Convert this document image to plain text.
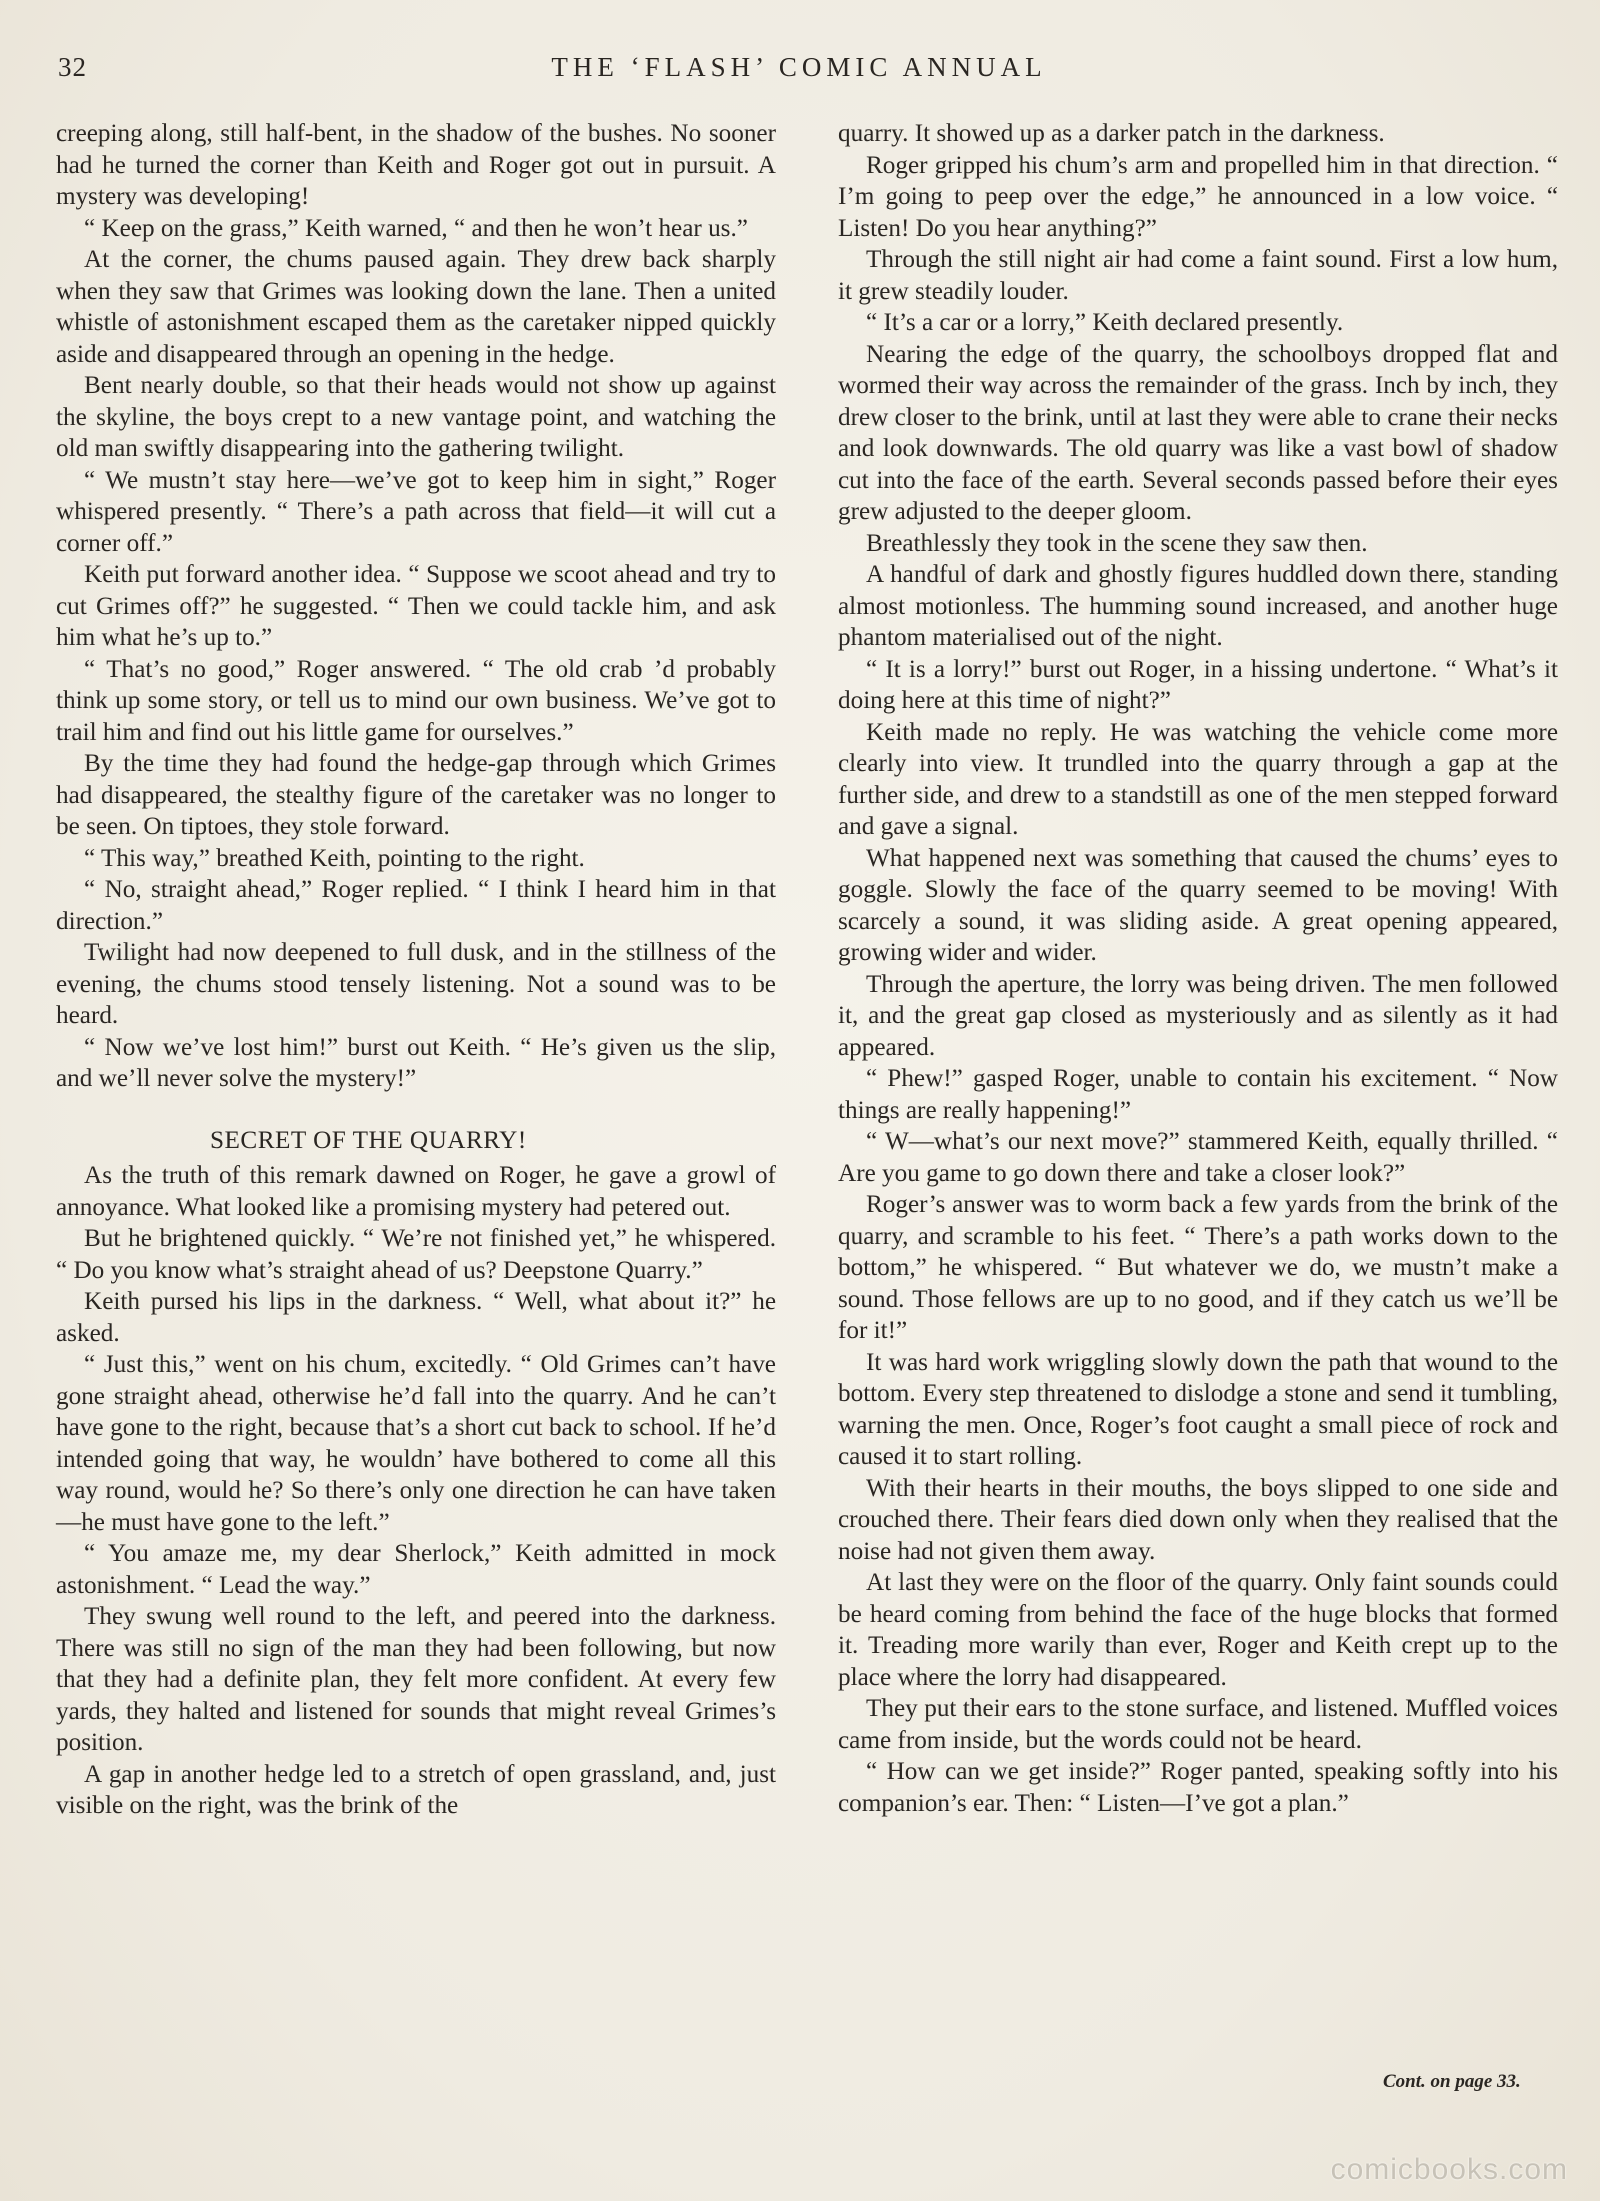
32	THE ‘FLASH’ COMIC ANNUAL

creeping along, still half-bent, in the shadow of the bushes. No sooner had he turned the corner than Keith and Roger got out in pursuit. A mystery was developing!

“ Keep on the grass,” Keith warned, “ and then he won’t hear us.”

At the corner, the chums paused again. They drew back sharply when they saw that Grimes was looking down the lane. Then a united whistle of astonishment escaped them as the caretaker nipped quickly aside and disappeared through an opening in the hedge.

Bent nearly double, so that their heads would not show up against the skyline, the boys crept to a new vantage point, and watching the old man swiftly disappearing into the gathering twilight.

“ We mustn’t stay here—we’ve got to keep him in sight,” Roger whispered presently. “ There’s a path across that field—it will cut a corner off.”

Keith put forward another idea. “ Suppose we scoot ahead and try to cut Grimes off?” he suggested. “ Then we could tackle him, and ask him what he’s up to.”

“ That’s no good,” Roger answered. “ The old crab ’d probably think up some story, or tell us to mind our own business. We’ve got to trail him and find out his little game for ourselves.”

By the time they had found the hedge-gap through which Grimes had disappeared, the stealthy figure of the caretaker was no longer to be seen. On tiptoes, they stole forward.

“ This way,” breathed Keith, pointing to the right.

“ No, straight ahead,” Roger replied. “ I think I heard him in that direction.”

Twilight had now deepened to full dusk, and in the stillness of the evening, the chums stood tensely listening. Not a sound was to be heard.

“ Now we’ve lost him!” burst out Keith. “ He’s given us the slip, and we’ll never solve the mystery!”

SECRET OF THE QUARRY!

As the truth of this remark dawned on Roger, he gave a growl of annoyance. What looked like a promising mystery had petered out.

But he brightened quickly. “ We’re not finished yet,” he whispered. “ Do you know what’s straight ahead of us? Deepstone Quarry.”

Keith pursed his lips in the darkness. “ Well, what about it?” he asked.

“ Just this,” went on his chum, excitedly. “ Old Grimes can’t have gone straight ahead, otherwise he’d fall into the quarry. And he can’t have gone to the right, because that’s a short cut back to school. If he’d intended going that way, he wouldn’ have bothered to come all this way round, would he? So there’s only one direction he can have taken—he must have gone to the left.”

“ You amaze me, my dear Sherlock,” Keith admitted in mock astonishment. “ Lead the way.”

They swung well round to the left, and peered into the darkness. There was still no sign of the man they had been following, but now that they had a definite plan, they felt more confident. At every few yards, they halted and listened for sounds that might reveal Grimes’s position.

A gap in another hedge led to a stretch of open grassland, and, just visible on the right, was the brink of the

quarry. It showed up as a darker patch in the darkness.

Roger gripped his chum’s arm and propelled him in that direction. “ I’m going to peep over the edge,” he announced in a low voice. “ Listen! Do you hear anything?”

Through the still night air had come a faint sound. First a low hum, it grew steadily louder.

“ It’s a car or a lorry,” Keith declared presently.

Nearing the edge of the quarry, the schoolboys dropped flat and wormed their way across the remainder of the grass. Inch by inch, they drew closer to the brink, until at last they were able to crane their necks and look downwards. The old quarry was like a vast bowl of shadow cut into the face of the earth. Several seconds passed before their eyes grew adjusted to the deeper gloom.

Breathlessly they took in the scene they saw then.

A handful of dark and ghostly figures huddled down there, standing almost motionless. The humming sound increased, and another huge phantom materialised out of the night.

“ It is a lorry!” burst out Roger, in a hissing undertone. “ What’s it doing here at this time of night?”

Keith made no reply. He was watching the vehicle come more clearly into view. It trundled into the quarry through a gap at the further side, and drew to a standstill as one of the men stepped forward and gave a signal.

What happened next was something that caused the chums’ eyes to goggle. Slowly the face of the quarry seemed to be moving! With scarcely a sound, it was sliding aside. A great opening appeared, growing wider and wider.

Through the aperture, the lorry was being driven. The men followed it, and the great gap closed as mysteriously and as silently as it had appeared.

“ Phew!” gasped Roger, unable to contain his excitement. “ Now things are really happening!”

“ W—what’s our next move?” stammered Keith, equally thrilled. “ Are you game to go down there and take a closer look?”

Roger’s answer was to worm back a few yards from the brink of the quarry, and scramble to his feet. “ There’s a path works down to the bottom,” he whispered. “ But whatever we do, we mustn’t make a sound. Those fellows are up to no good, and if they catch us we’ll be for it!”

It was hard work wriggling slowly down the path that wound to the bottom. Every step threatened to dislodge a stone and send it tumbling, warning the men. Once, Roger’s foot caught a small piece of rock and caused it to start rolling.

With their hearts in their mouths, the boys slipped to one side and crouched there. Their fears died down only when they realised that the noise had not given them away.

At last they were on the floor of the quarry. Only faint sounds could be heard coming from behind the face of the huge blocks that formed it. Treading more warily than ever, Roger and Keith crept up to the place where the lorry had disappeared.

They put their ears to the stone surface, and listened. Muffled voices came from inside, but the words could not be heard.

“ How can we get inside?” Roger panted, speaking softly into his companion’s ear. Then: “ Listen—I’ve got a plan.”

Cont. on page 33.
comicbooks.com
